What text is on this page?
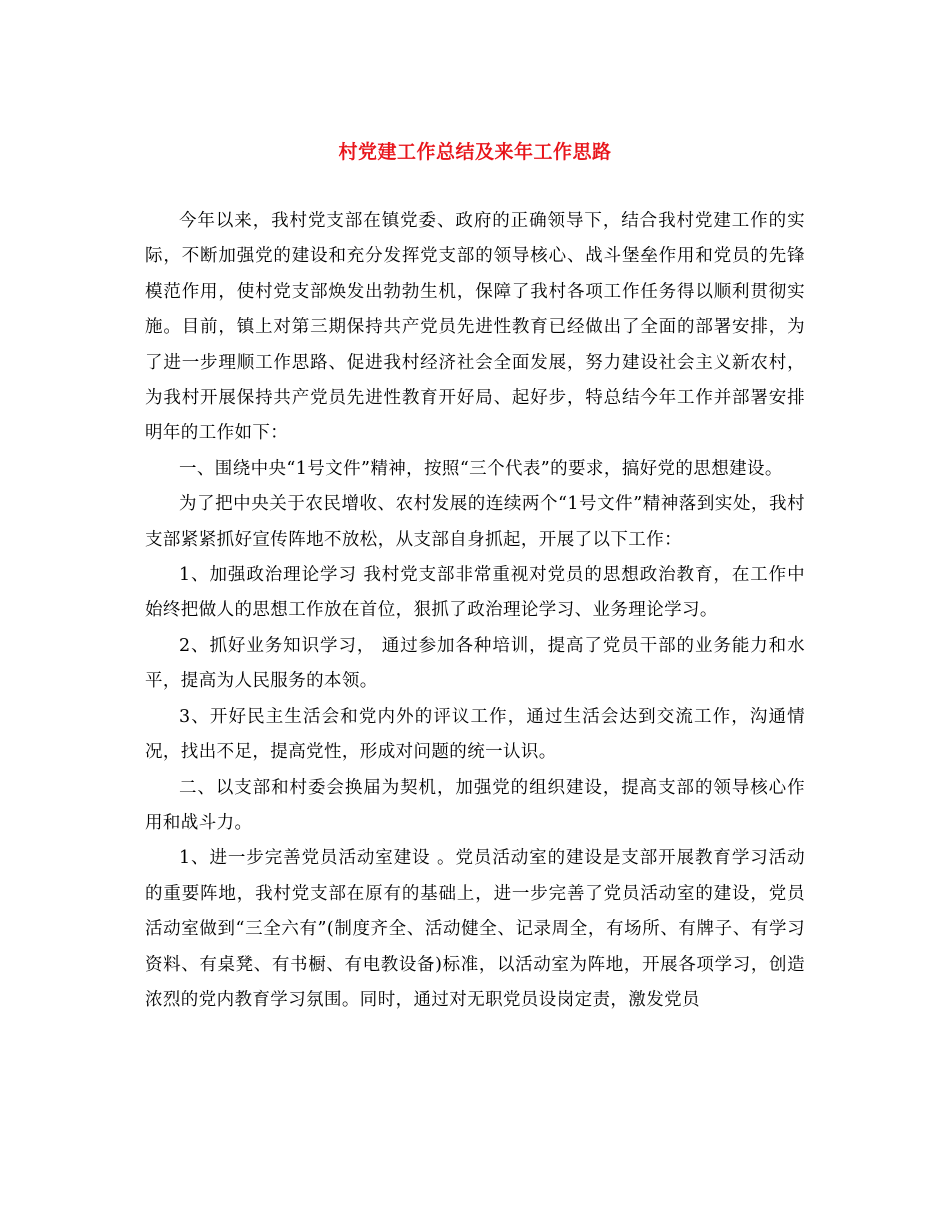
村党建工作总结及来年工作思路

今年以来，我村党支部在镇党委、政府的正确领导下，结合我村党建工作的实际，不断加强党的建设和充分发挥党支部的领导核心、战斗堡垒作用和党员的先锋模范作用，使村党支部焕发出勃勃生机，保障了我村各项工作任务得以顺利贯彻实施。目前，镇上对第三期保持共产党员先进性教育已经做出了全面的部署安排，为了进一步理顺工作思路、促进我村经济社会全面发展，努力建设社会主义新农村，为我村开展保持共产党员先进性教育开好局、起好步，特总结今年工作并部署安排明年的工作如下：

一、围绕中央“1号文件”精神，按照“三个代表”的要求，搞好党的思想建设。

为了把中央关于农民增收、农村发展的连续两个“1号文件”精神落到实处，我村支部紧紧抓好宣传阵地不放松，从支部自身抓起，开展了以下工作：

1、加强政治理论学习 我村党支部非常重视对党员的思想政治教育，在工作中始终把做人的思想工作放在首位，狠抓了政治理论学习、业务理论学习。

2、抓好业务知识学习， 通过参加各种培训，提高了党员干部的业务能力和水平，提高为人民服务的本领。

3、开好民主生活会和党内外的评议工作，通过生活会达到交流工作，沟通情况，找出不足，提高党性，形成对问题的统一认识。

二、以支部和村委会换届为契机，加强党的组织建设，提高支部的领导核心作用和战斗力。

1、进一步完善党员活动室建设 。党员活动室的建设是支部开展教育学习活动的重要阵地，我村党支部在原有的基础上，进一步完善了党员活动室的建设，党员活动室做到“三全六有”(制度齐全、活动健全、记录周全，有场所、有牌子、有学习资料、有桌凳、有书橱、有电教设备)标准，以活动室为阵地，开展各项学习，创造浓烈的党内教育学习氛围。同时，通过对无职党员设岗定责，激发党员
